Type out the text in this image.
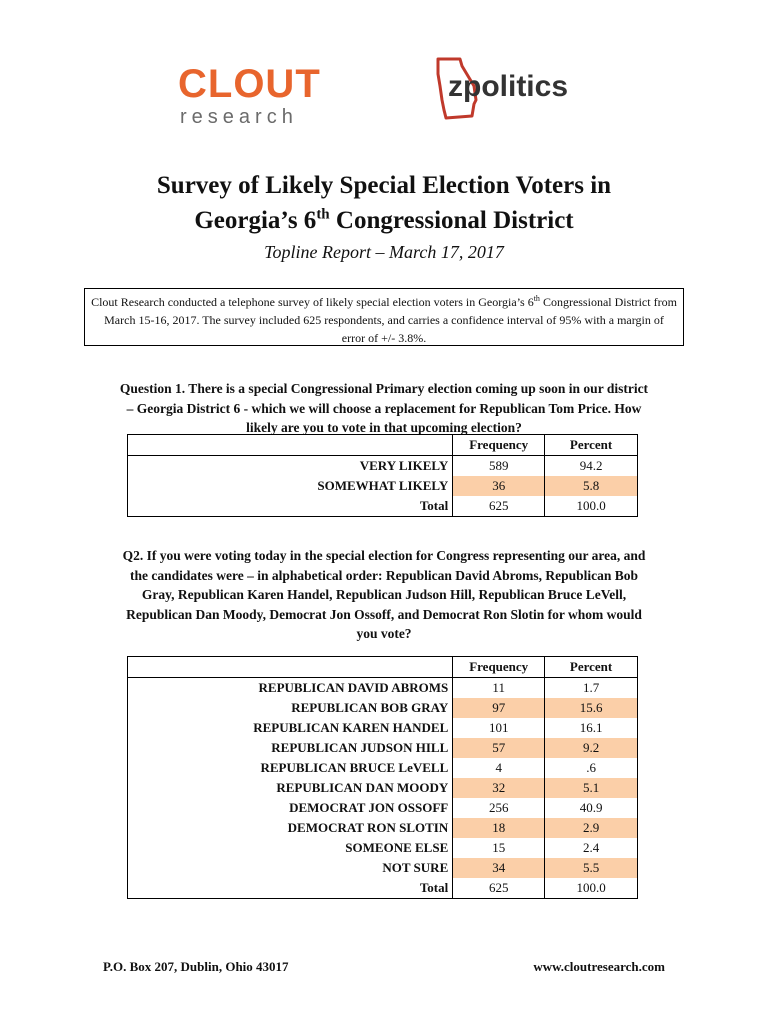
CLOUT
research
zpolitics
Survey of Likely Special Election Voters in
Georgia’s 6th Congressional District
Topline Report – March 17, 2017
Clout Research conducted a telephone survey of likely special election voters in Georgia’s 6th Congressional District from March 15-16, 2017. The survey included 625 respondents, and carries a confidence interval of 95% with a margin of error of +/- 3.8%.
Question 1. There is a special Congressional Primary election coming up soon in our district – Georgia District 6 - which we will choose a replacement for Republican Tom Price. How likely are you to vote in that upcoming election?
	Frequency	Percent
VERY LIKELY	589	94.2
SOMEWHAT LIKELY	36	5.8
Total	625	100.0
Q2. If you were voting today in the special election for Congress representing our area, and the candidates were – in alphabetical order: Republican David Abroms, Republican Bob Gray, Republican Karen Handel, Republican Judson Hill, Republican Bruce LeVell, Republican Dan Moody, Democrat Jon Ossoff, and Democrat Ron Slotin for whom would you vote?
	Frequency	Percent
REPUBLICAN DAVID ABROMS	11	1.7
REPUBLICAN BOB GRAY	97	15.6
REPUBLICAN KAREN HANDEL	101	16.1
REPUBLICAN JUDSON HILL	57	9.2
REPUBLICAN BRUCE LeVELL	4	.6
REPUBLICAN DAN MOODY	32	5.1
DEMOCRAT JON OSSOFF	256	40.9
DEMOCRAT RON SLOTIN	18	2.9
SOMEONE ELSE	15	2.4
NOT SURE	34	5.5
Total	625	100.0
P.O. Box 207, Dublin, Ohio 43017	www.cloutresearch.com
